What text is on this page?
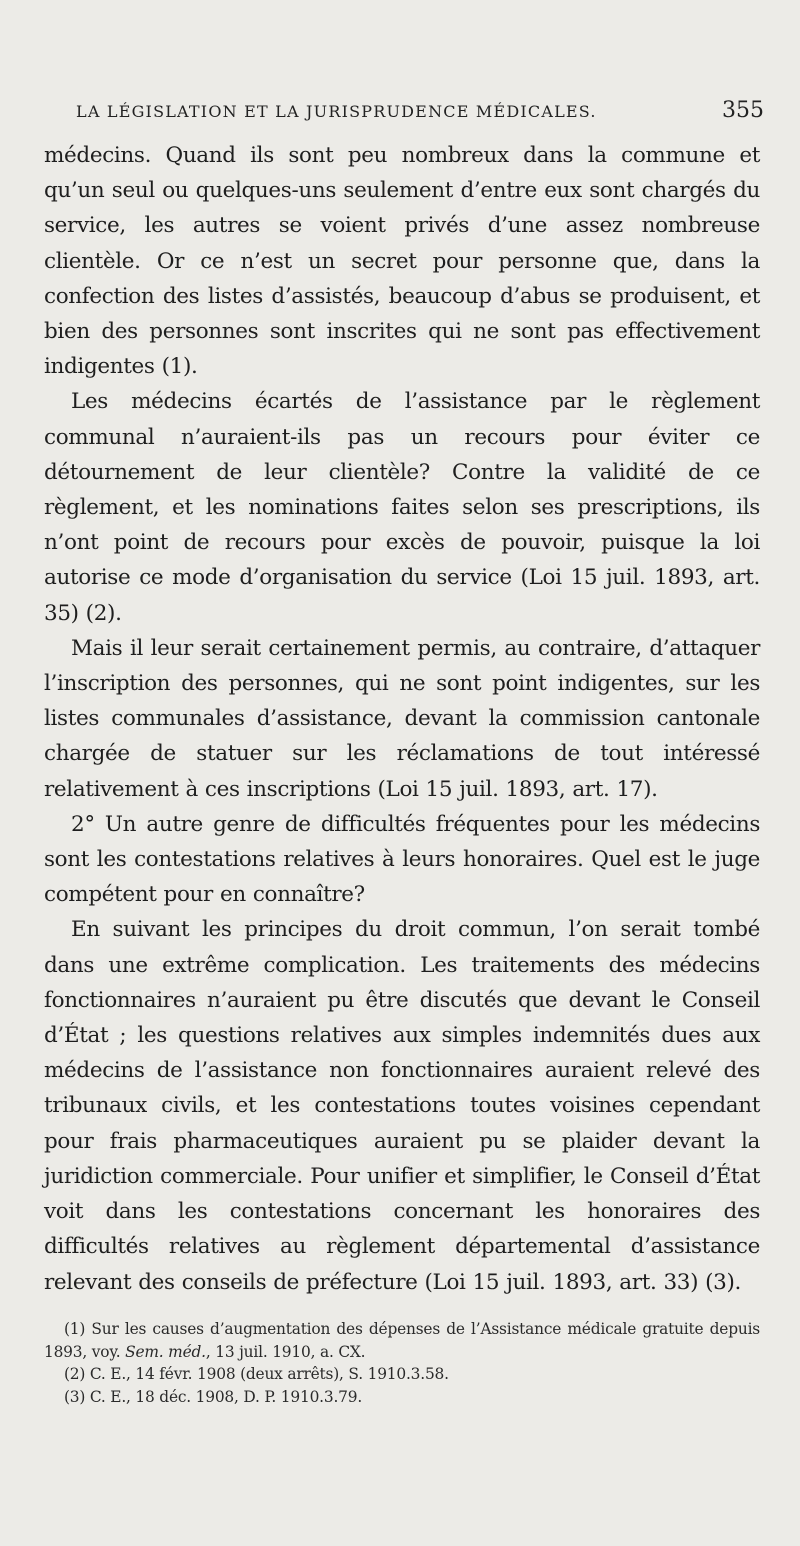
LA LÉGISLATION ET LA JURISPRUDENCE MÉDICALES.	355

médecins. Quand ils sont peu nombreux dans la commune et qu’un seul ou quelques-uns seulement d’entre eux sont chargés du service, les autres se voient privés d’une assez nombreuse clientèle. Or ce n’est un secret pour personne que, dans la confection des listes d’assistés, beaucoup d’abus se produisent, et bien des personnes sont inscrites qui ne sont pas effectivement indigentes (1).

Les médecins écartés de l’assistance par le règlement communal n’auraient-ils pas un recours pour éviter ce détournement de leur clientèle? Contre la validité de ce règlement, et les nominations faites selon ses prescriptions, ils n’ont point de recours pour excès de pouvoir, puisque la loi autorise ce mode d’organisation du service (Loi 15 juil. 1893, art. 35) (2).

Mais il leur serait certainement permis, au contraire, d’attaquer l’inscription des personnes, qui ne sont point indigentes, sur les listes communales d’assistance, devant la commission cantonale chargée de statuer sur les réclamations de tout intéressé relativement à ces inscriptions (Loi 15 juil. 1893, art. 17).

2° Un autre genre de difficultés fréquentes pour les médecins sont les contestations relatives à leurs honoraires. Quel est le juge compétent pour en connaître?

En suivant les principes du droit commun, l’on serait tombé dans une extrême complication. Les traitements des médecins fonctionnaires n’auraient pu être discutés que devant le Conseil d’État ; les questions relatives aux simples indemnités dues aux médecins de l’assistance non fonctionnaires auraient relevé des tribunaux civils, et les contestations toutes voisines cependant pour frais pharmaceutiques auraient pu se plaider devant la juridiction commerciale. Pour unifier et simplifier, le Conseil d’État voit dans les contestations concernant les honoraires des difficultés relatives au règlement départemental d’assistance relevant des conseils de préfecture (Loi 15 juil. 1893, art. 33) (3).

(1) Sur les causes d’augmentation des dépenses de l’Assistance médicale gratuite depuis 1893, voy. Sem. méd., 13 juil. 1910, a. CX.

(2) C. E., 14 févr. 1908 (deux arrêts), S. 1910.3.58.

(3) C. E., 18 déc. 1908, D. P. 1910.3.79.
